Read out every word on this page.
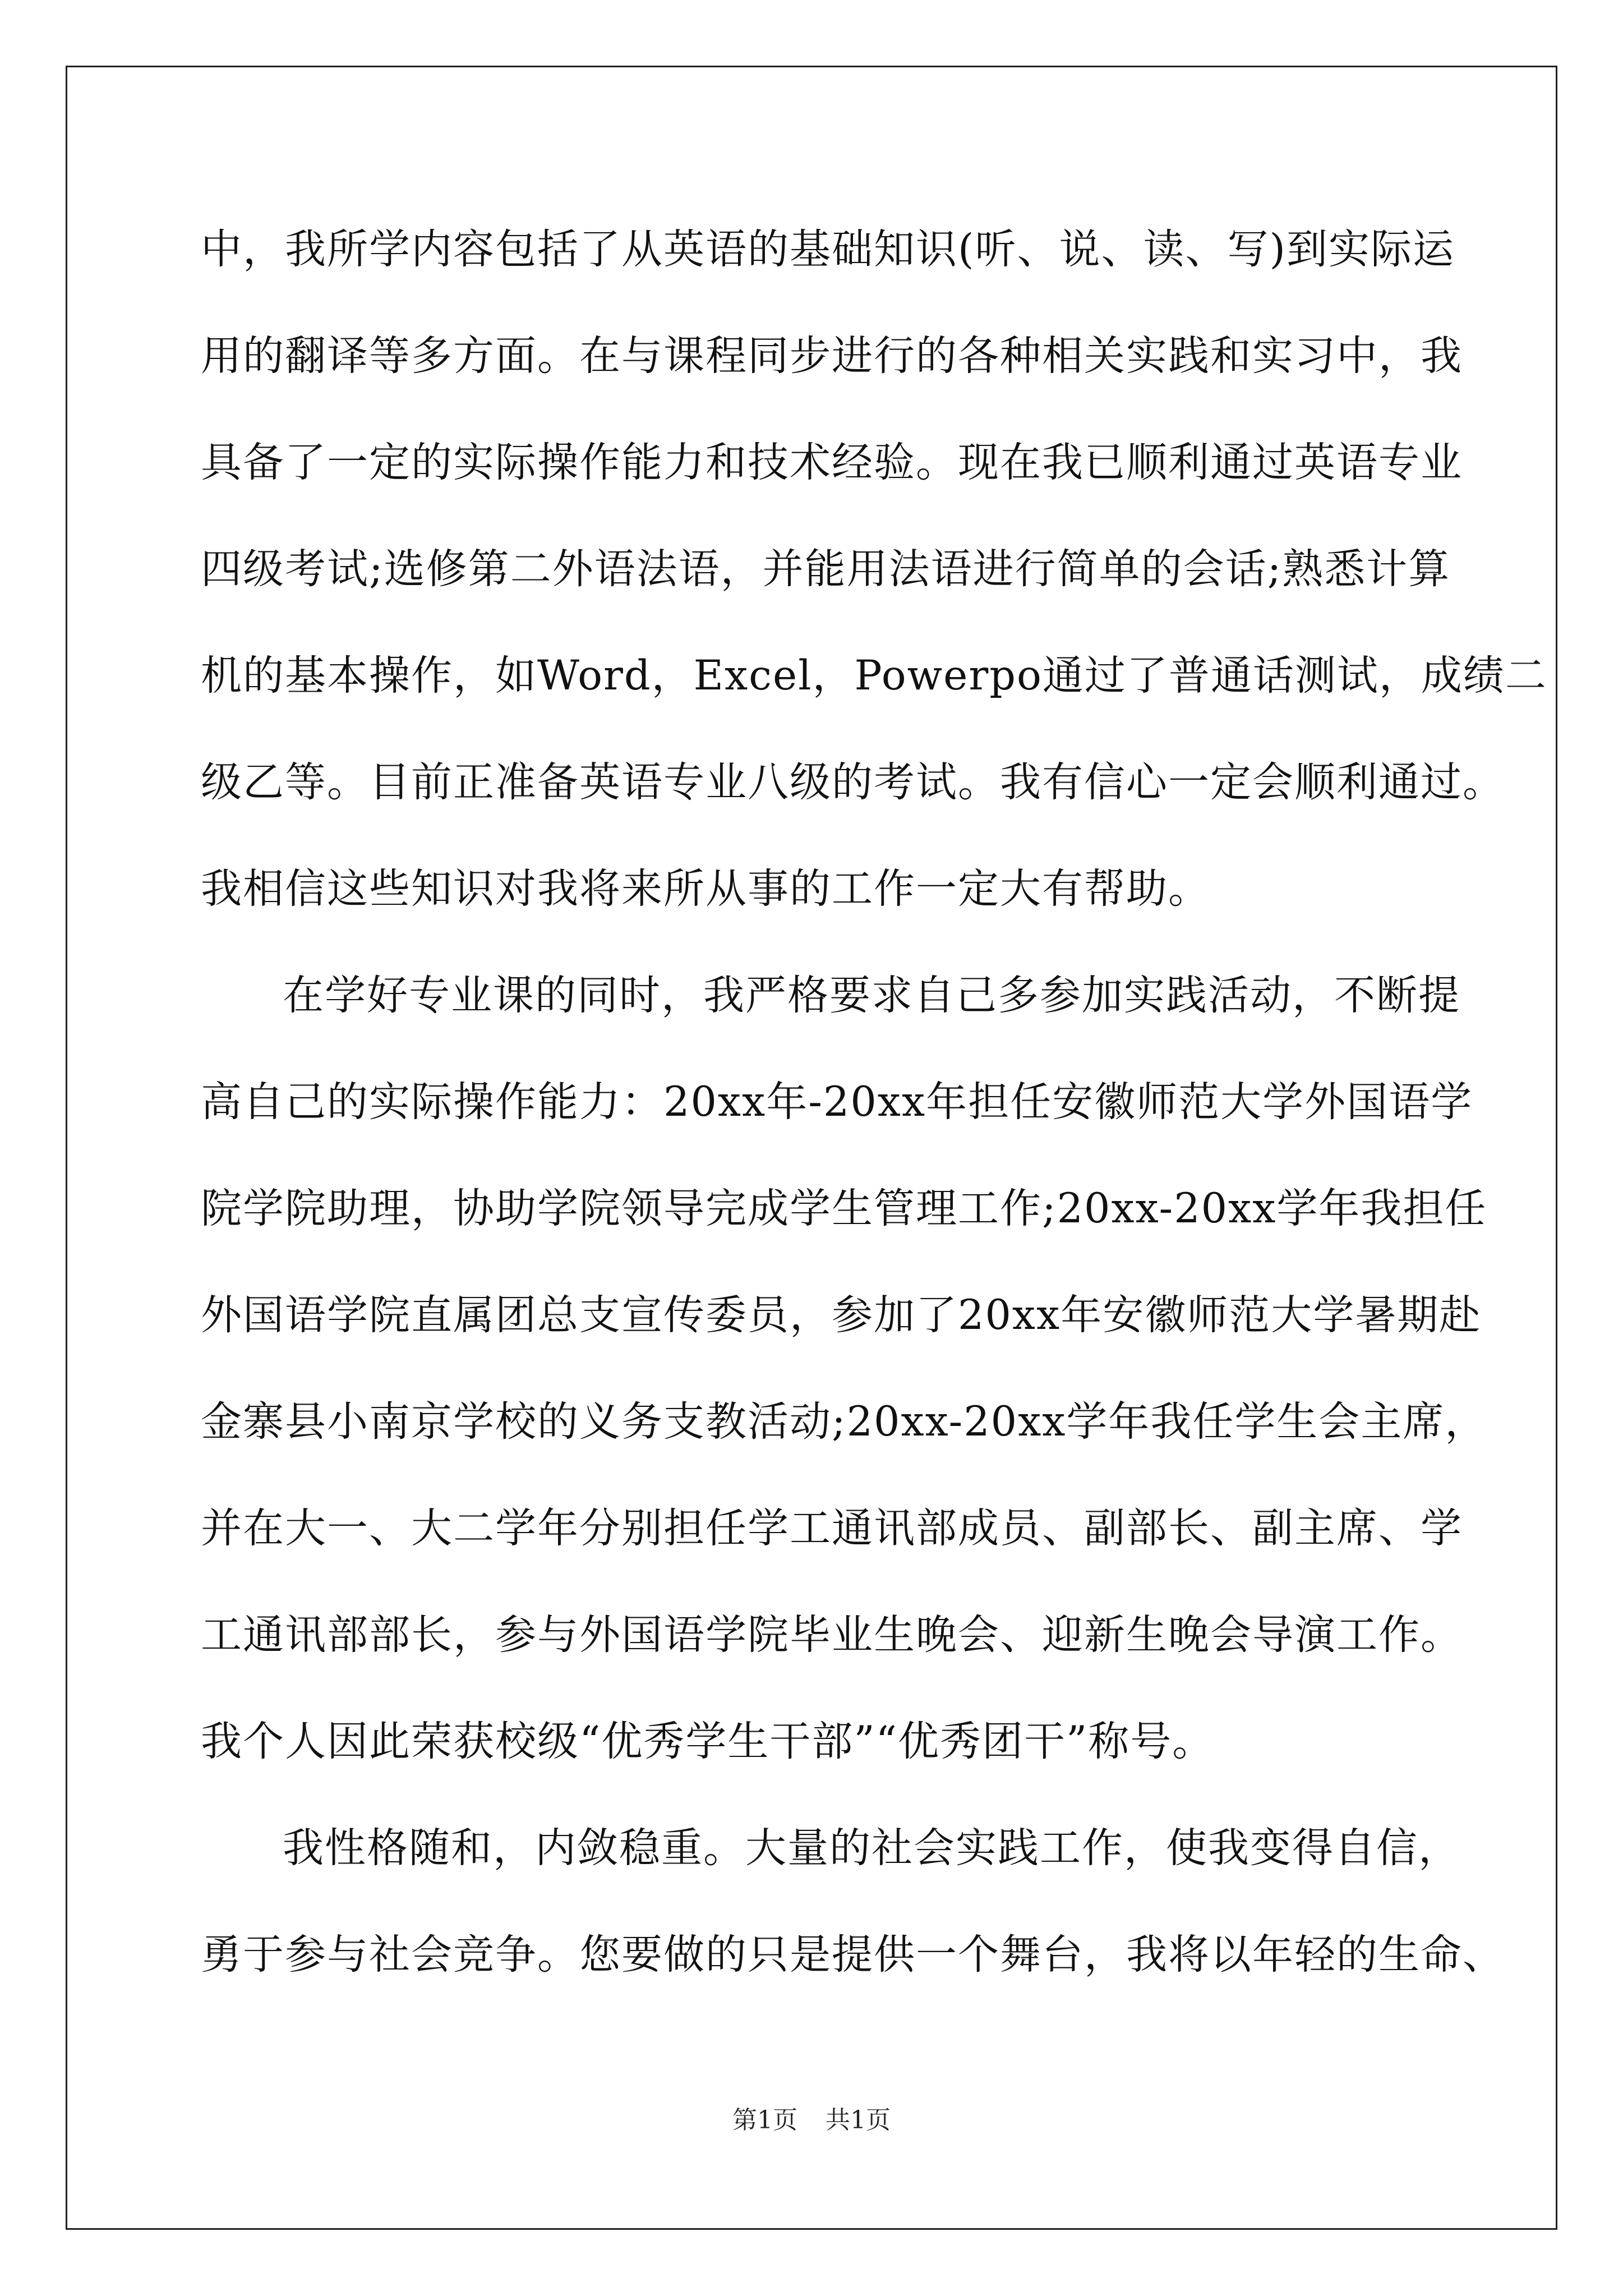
中，我所学内容包括了从英语的基础知识(听、说、读、写)到实际运
用的翻译等多方面。在与课程同步进行的各种相关实践和实习中，我
具备了一定的实际操作能力和技术经验。现在我已顺利通过英语专业
四级考试;选修第二外语法语，并能用法语进行简单的会话;熟悉计算
机的基本操作，如Word，Excel，Powerpo通过了普通话测试，成绩二
级乙等。目前正准备英语专业八级的考试。我有信心一定会顺利通过。
我相信这些知识对我将来所从事的工作一定大有帮助。
在学好专业课的同时，我严格要求自己多参加实践活动，不断提
高自己的实际操作能力：20xx年-20xx年担任安徽师范大学外国语学
院学院助理，协助学院领导完成学生管理工作;20xx-20xx学年我担任
外国语学院直属团总支宣传委员，参加了20xx年安徽师范大学暑期赴
金寨县小南京学校的义务支教活动;20xx-20xx学年我任学生会主席，
并在大一、大二学年分别担任学工通讯部成员、副部长、副主席、学
工通讯部部长，参与外国语学院毕业生晚会、迎新生晚会导演工作。
我个人因此荣获校级“优秀学生干部”“优秀团干”称号。
我性格随和，内敛稳重。大量的社会实践工作，使我变得自信，
勇于参与社会竞争。您要做的只是提供一个舞台，我将以年轻的生命、
第1页 共1页
